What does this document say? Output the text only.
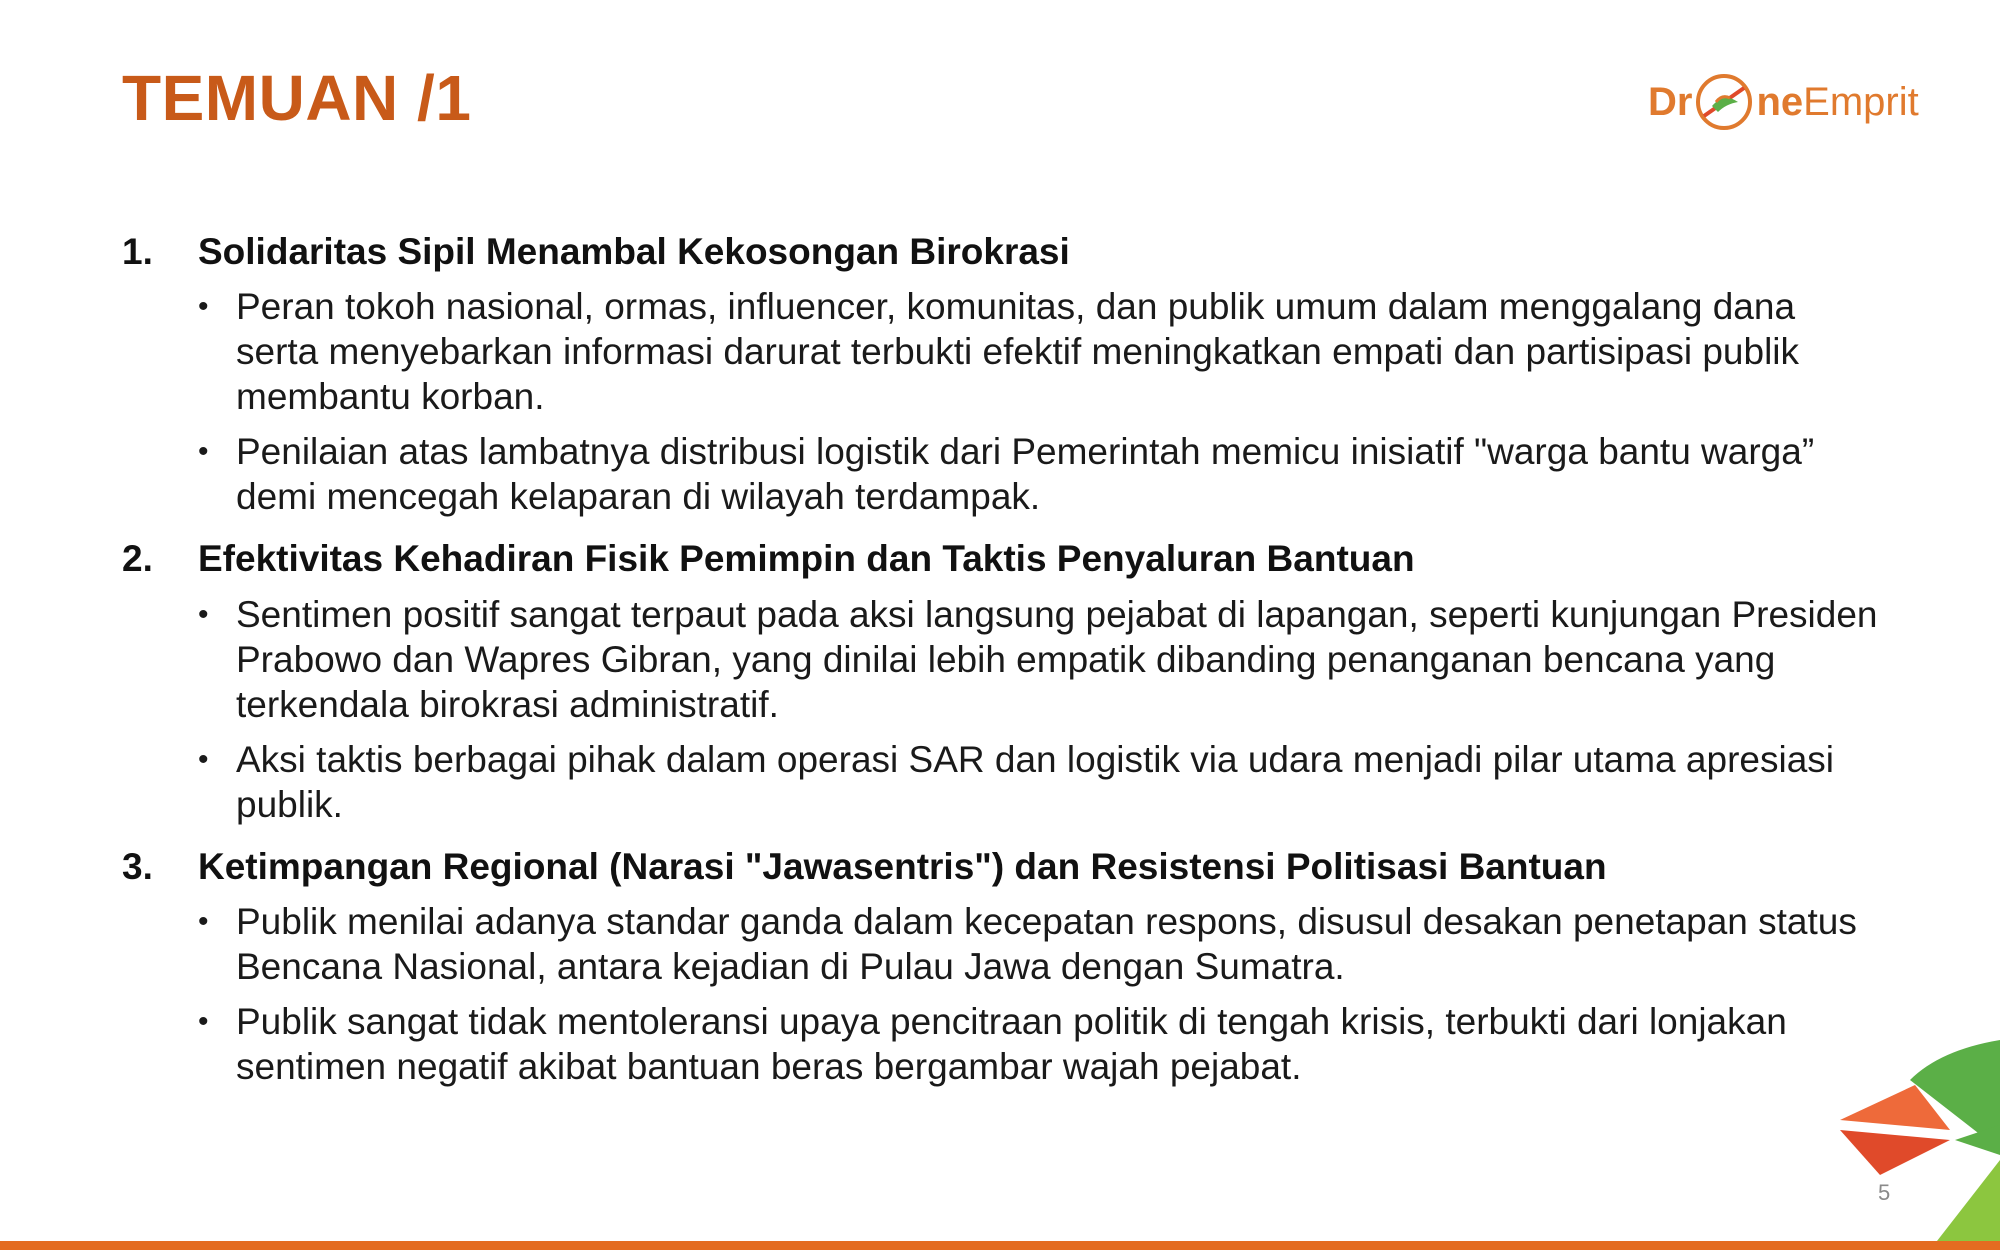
TEMUAN /1	Dr ne Emprit
1.	Solidaritas Sipil Menambal Kekosongan Birokrasi
• Peran tokoh nasional, ormas, influencer, komunitas, dan publik umum dalam menggalang dana serta menyebarkan informasi darurat terbukti efektif meningkatkan empati dan partisipasi publik membantu korban.
• Penilaian atas lambatnya distribusi logistik dari Pemerintah memicu inisiatif "warga bantu warga” demi mencegah kelaparan di wilayah terdampak.
2.	Efektivitas Kehadiran Fisik Pemimpin dan Taktis Penyaluran Bantuan
• Sentimen positif sangat terpaut pada aksi langsung pejabat di lapangan, seperti kunjungan Presiden Prabowo dan Wapres Gibran, yang dinilai lebih empatik dibanding penanganan bencana yang terkendala birokrasi administratif.
• Aksi taktis berbagai pihak dalam operasi SAR dan logistik via udara menjadi pilar utama apresiasi publik.
3.	Ketimpangan Regional (Narasi "Jawasentris") dan Resistensi Politisasi Bantuan
• Publik menilai adanya standar ganda dalam kecepatan respons, disusul desakan penetapan status Bencana Nasional, antara kejadian di Pulau Jawa dengan Sumatra.
• Publik sangat tidak mentoleransi upaya pencitraan politik di tengah krisis, terbukti dari lonjakan sentimen negatif akibat bantuan beras bergambar wajah pejabat.
5
